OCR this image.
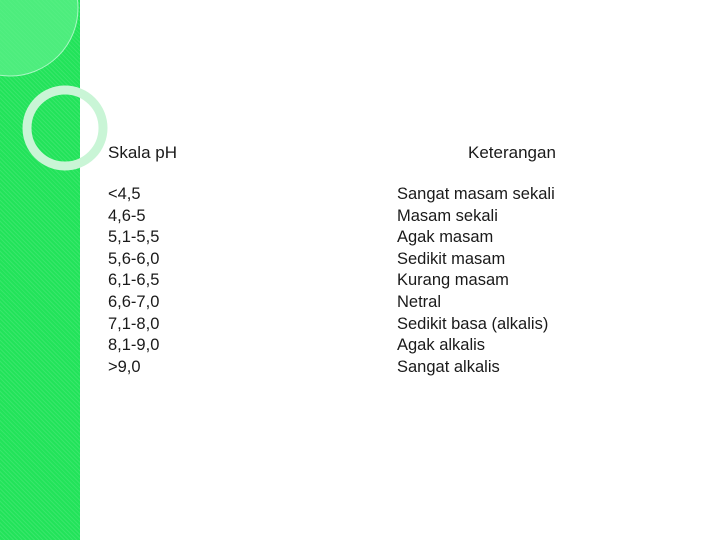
Skala pH	Keterangan
<4,5
4,6-5
5,1-5,5
5,6-6,0
6,1-6,5
6,6-7,0
7,1-8,0
8,1-9,0
>9,0
Sangat masam sekali
Masam sekali
Agak masam
Sedikit masam
Kurang masam
Netral
Sedikit basa (alkalis)
Agak alkalis
Sangat alkalis
